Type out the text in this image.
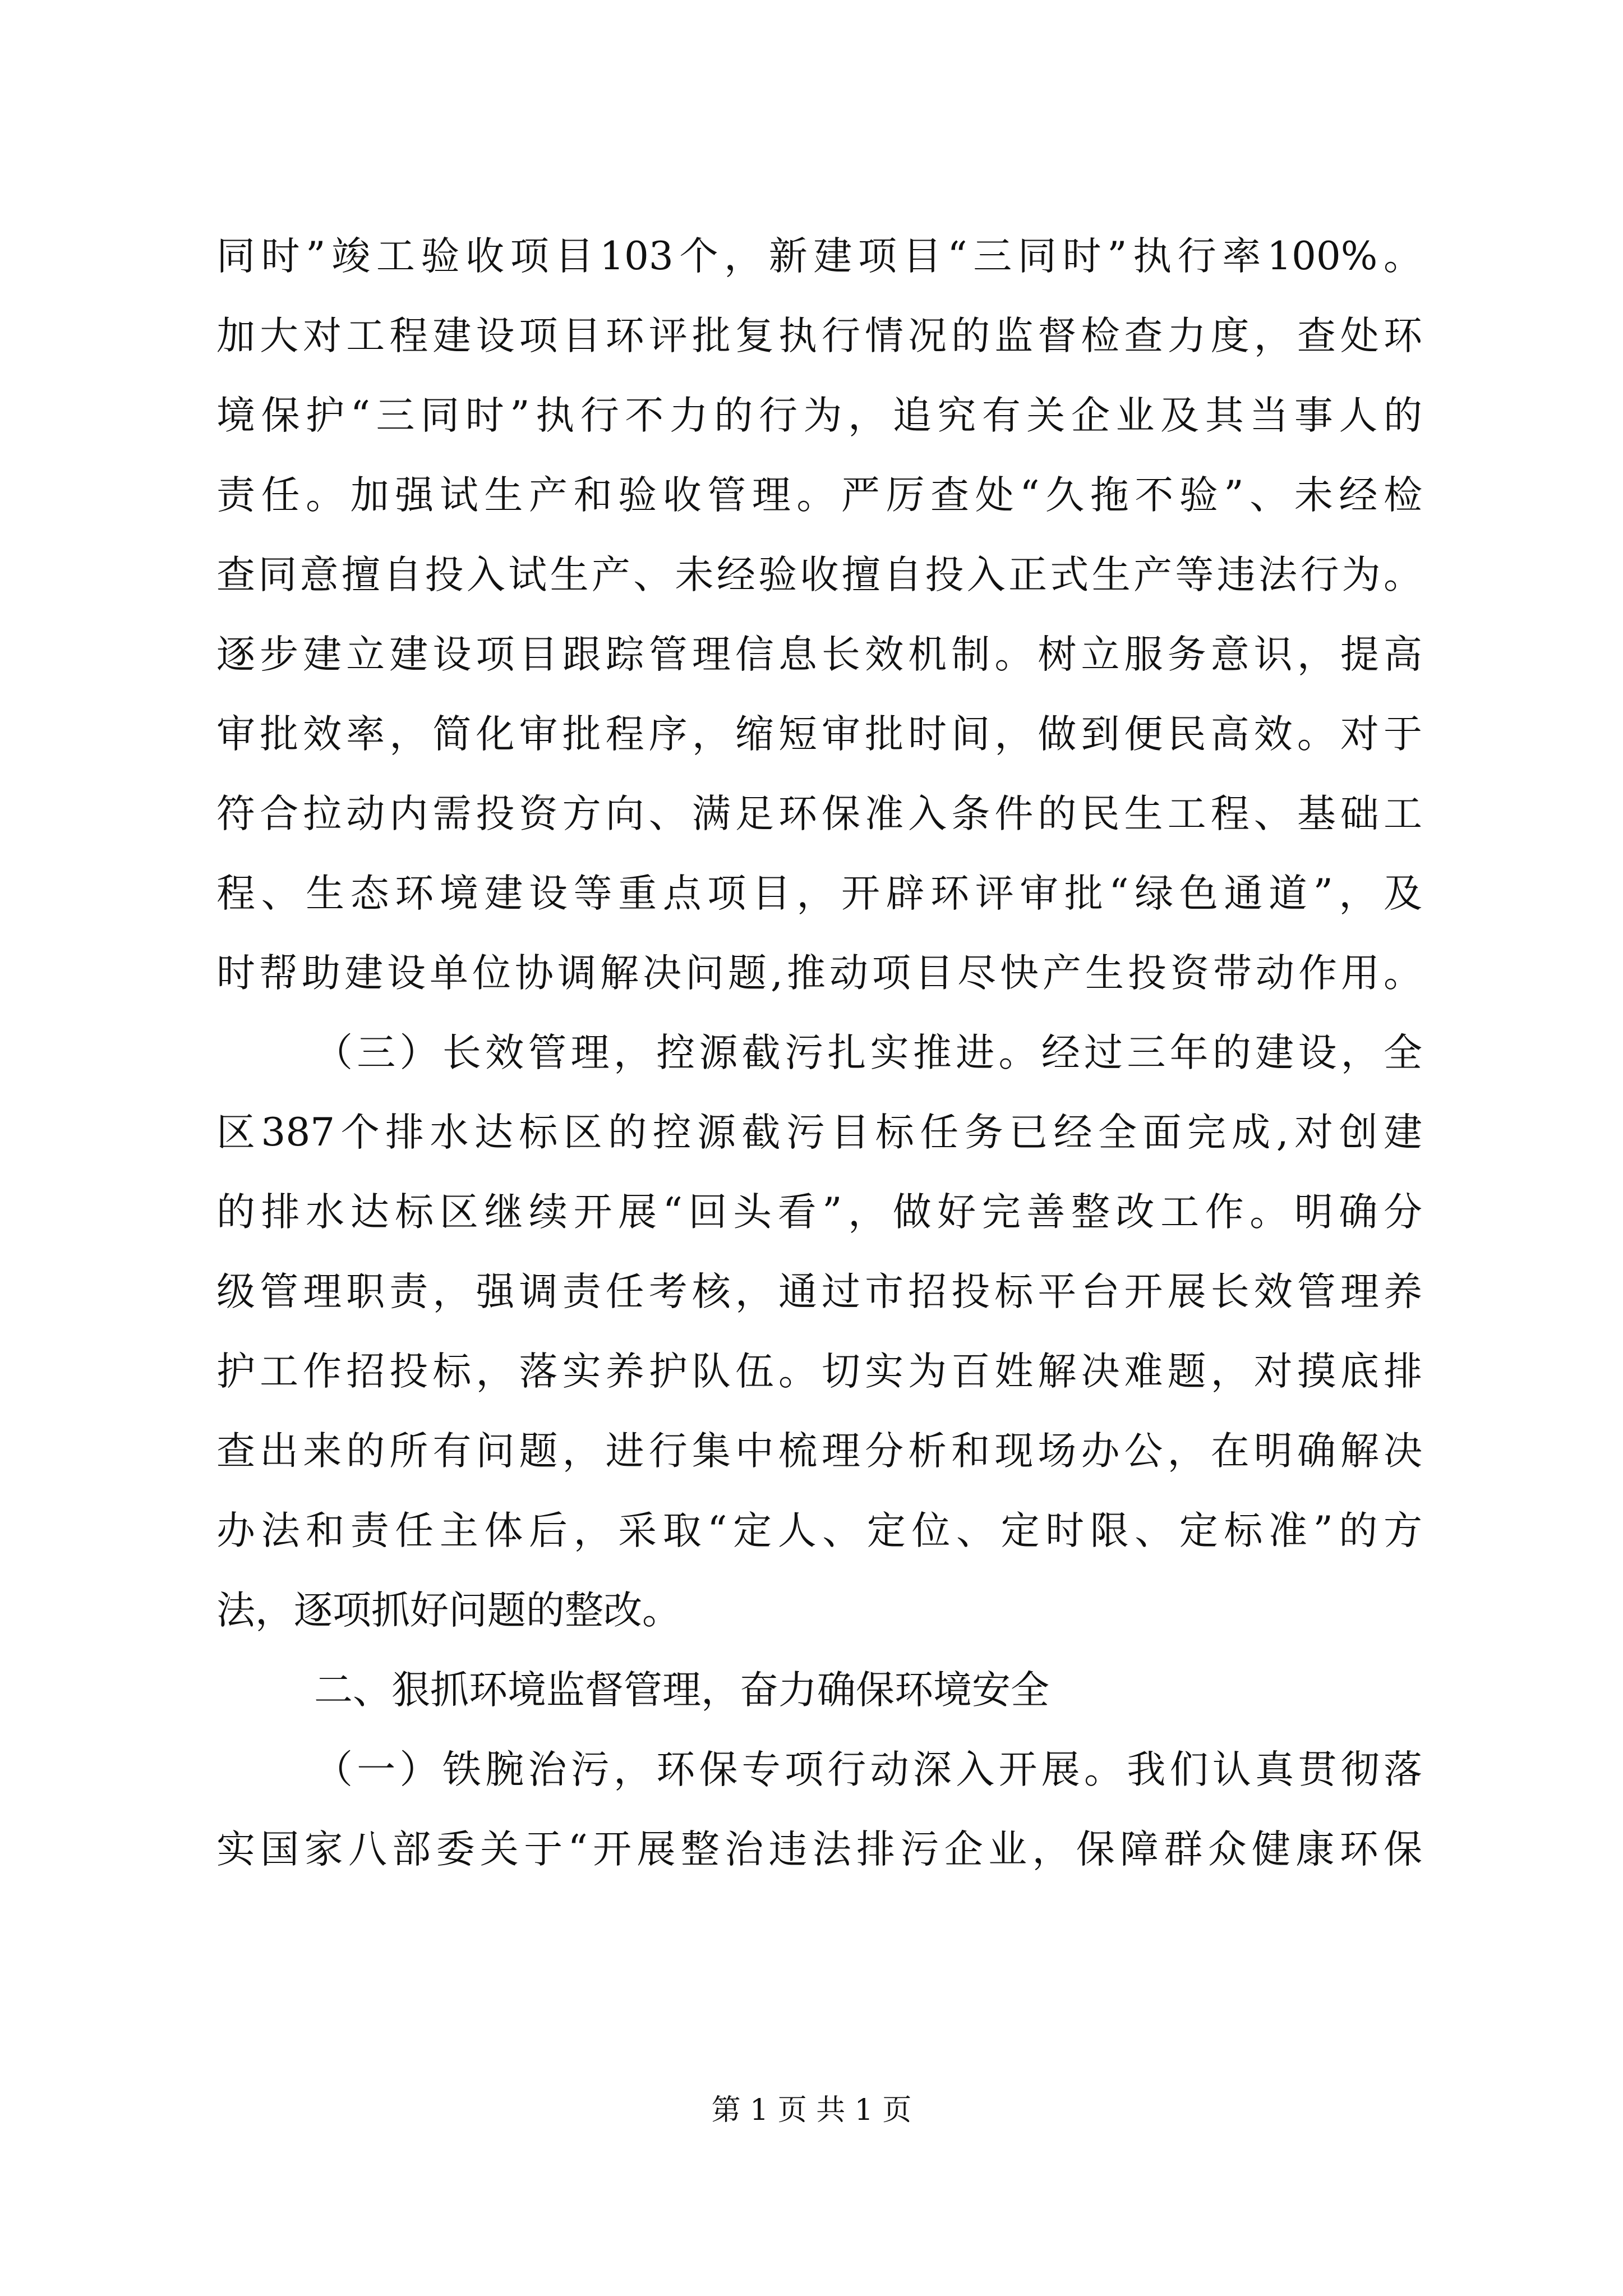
同时”竣工验收项目103个，新建项目“三同时”执行率100%。
加大对工程建设项目环评批复执行情况的监督检查力度，查处环
境保护“三同时”执行不力的行为，追究有关企业及其当事人的
责任。加强试生产和验收管理。严厉查处“久拖不验”、未经检
查同意擅自投入试生产、未经验收擅自投入正式生产等违法行为。
逐步建立建设项目跟踪管理信息长效机制。树立服务意识，提高
审批效率，简化审批程序，缩短审批时间，做到便民高效。对于
符合拉动内需投资方向、满足环保准入条件的民生工程、基础工
程、生态环境建设等重点项目，开辟环评审批“绿色通道”，及
时帮助建设单位协调解决问题,推动项目尽快产生投资带动作用。
（三）长效管理，控源截污扎实推进。经过三年的建设，全
区387个排水达标区的控源截污目标任务已经全面完成,对创建
的排水达标区继续开展“回头看”，做好完善整改工作。明确分
级管理职责，强调责任考核，通过市招投标平台开展长效管理养
护工作招投标，落实养护队伍。切实为百姓解决难题，对摸底排
查出来的所有问题，进行集中梳理分析和现场办公，在明确解决
办法和责任主体后，采取“定人、定位、定时限、定标准”的方
法，逐项抓好问题的整改。
二、狠抓环境监督管理，奋力确保环境安全
（一）铁腕治污，环保专项行动深入开展。我们认真贯彻落
实国家八部委关于“开展整治违法排污企业，保障群众健康环保
第 1 页 共 1 页
